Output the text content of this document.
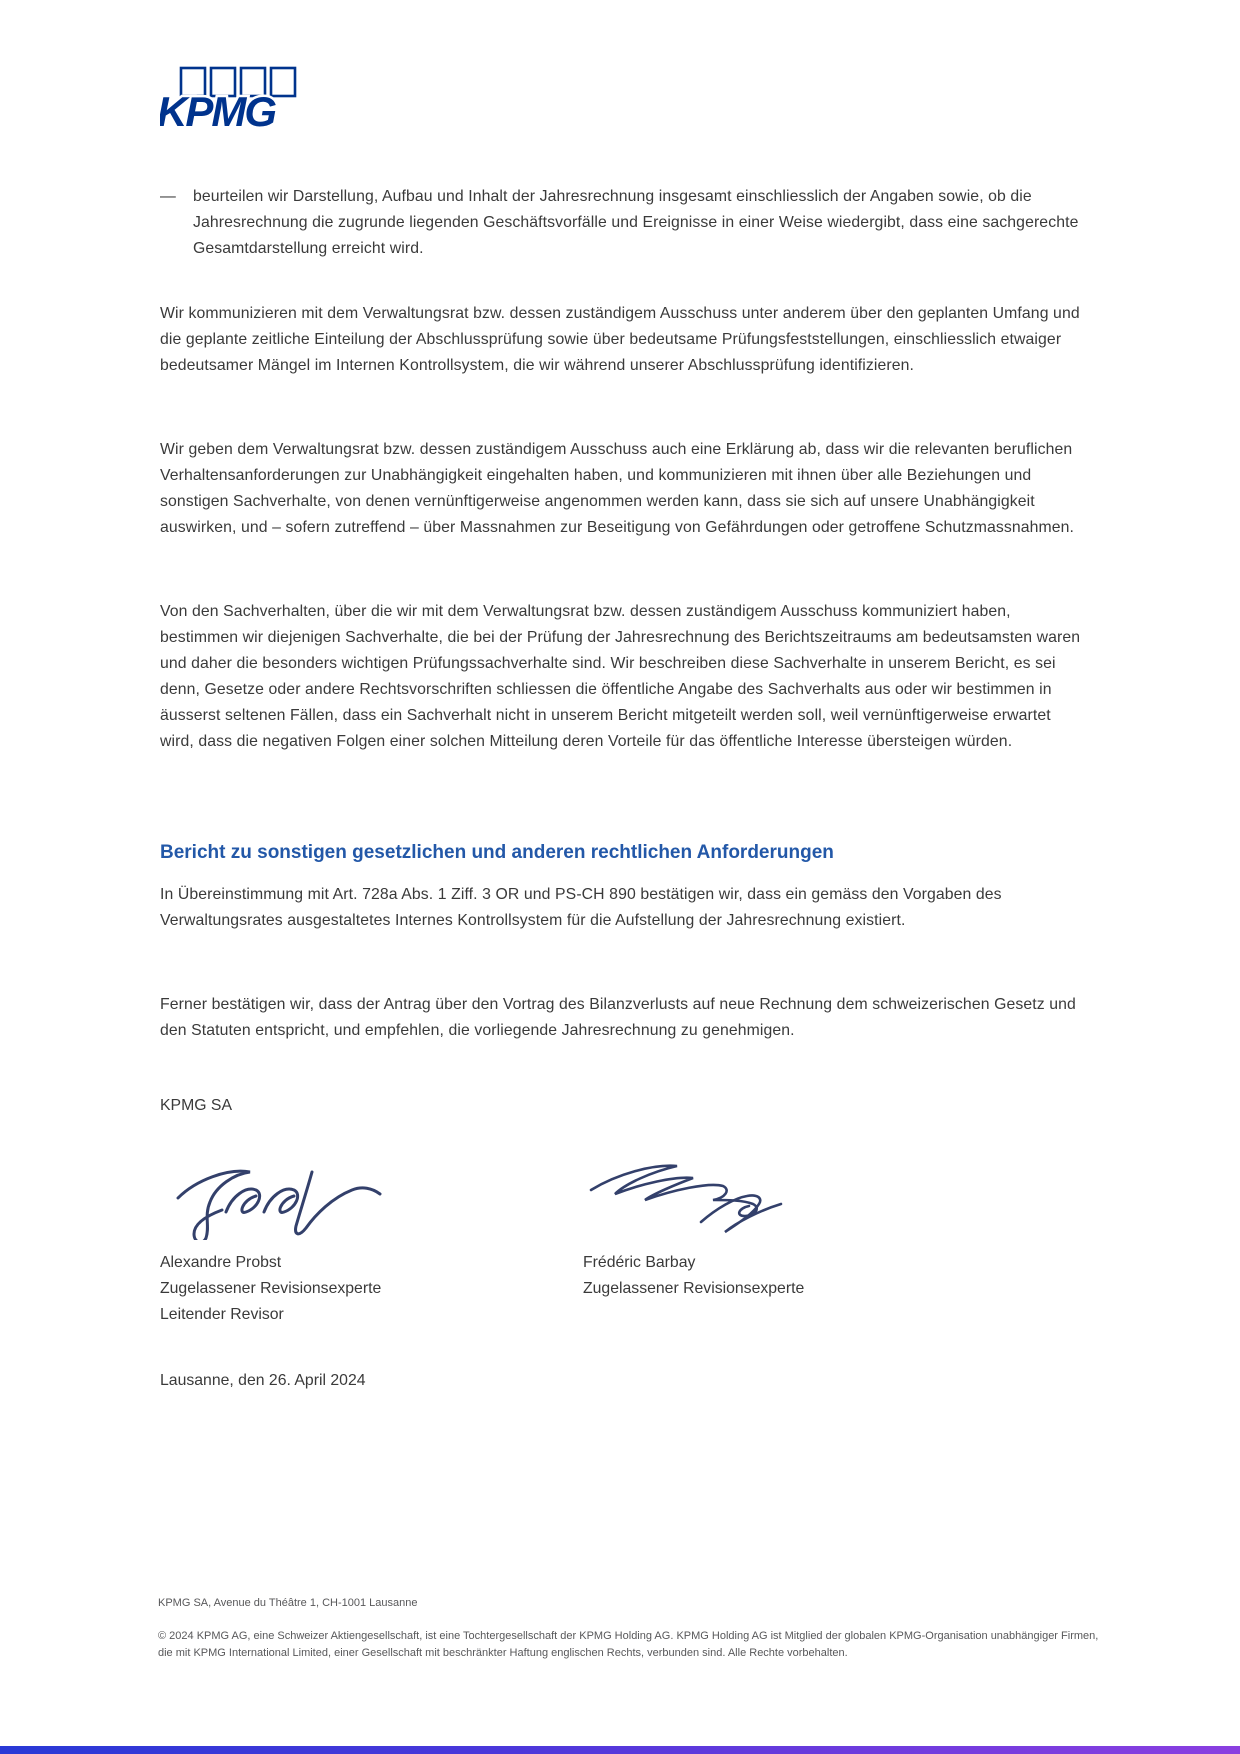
KPMG
— beurteilen wir Darstellung, Aufbau und Inhalt der Jahresrechnung insgesamt einschliesslich der Angaben sowie, ob die Jahresrechnung die zugrunde liegenden Geschäftsvorfälle und Ereignisse in einer Weise wiedergibt, dass eine sachgerechte Gesamtdarstellung erreicht wird.
Wir kommunizieren mit dem Verwaltungsrat bzw. dessen zuständigem Ausschuss unter anderem über den geplanten Umfang und die geplante zeitliche Einteilung der Abschlussprüfung sowie über bedeutsame Prüfungsfeststellungen, einschliesslich etwaiger bedeutsamer Mängel im Internen Kontrollsystem, die wir während unserer Abschlussprüfung identifizieren.
Wir geben dem Verwaltungsrat bzw. dessen zuständigem Ausschuss auch eine Erklärung ab, dass wir die relevanten beruflichen Verhaltensanforderungen zur Unabhängigkeit eingehalten haben, und kommunizieren mit ihnen über alle Beziehungen und sonstigen Sachverhalte, von denen vernünftigerweise angenommen werden kann, dass sie sich auf unsere Unabhängigkeit auswirken, und – sofern zutreffend – über Massnahmen zur Beseitigung von Gefährdungen oder getroffene Schutzmassnahmen.
Von den Sachverhalten, über die wir mit dem Verwaltungsrat bzw. dessen zuständigem Ausschuss kommuniziert haben, bestimmen wir diejenigen Sachverhalte, die bei der Prüfung der Jahresrechnung des Berichtszeitraums am bedeutsamsten waren und daher die besonders wichtigen Prüfungssachverhalte sind. Wir beschreiben diese Sachverhalte in unserem Bericht, es sei denn, Gesetze oder andere Rechtsvorschriften schliessen die öffentliche Angabe des Sachverhalts aus oder wir bestimmen in äusserst seltenen Fällen, dass ein Sachverhalt nicht in unserem Bericht mitgeteilt werden soll, weil vernünftigerweise erwartet wird, dass die negativen Folgen einer solchen Mitteilung deren Vorteile für das öffentliche Interesse übersteigen würden.
Bericht zu sonstigen gesetzlichen und anderen rechtlichen Anforderungen
In Übereinstimmung mit Art. 728a Abs. 1 Ziff. 3 OR und PS-CH 890 bestätigen wir, dass ein gemäss den Vorgaben des Verwaltungsrates ausgestaltetes Internes Kontrollsystem für die Aufstellung der Jahresrechnung existiert.
Ferner bestätigen wir, dass der Antrag über den Vortrag des Bilanzverlusts auf neue Rechnung dem schweizerischen Gesetz und den Statuten entspricht, und empfehlen, die vorliegende Jahresrechnung zu genehmigen.
KPMG SA
Alexandre Probst
Zugelassener Revisionsexperte
Leitender Revisor
Frédéric Barbay
Zugelassener Revisionsexperte
Lausanne, den 26. April 2024
KPMG SA, Avenue du Théâtre 1, CH-1001 Lausanne
© 2024 KPMG AG, eine Schweizer Aktiengesellschaft, ist eine Tochtergesellschaft der KPMG Holding AG. KPMG Holding AG ist Mitglied der globalen KPMG-Organisation unabhängiger Firmen, die mit KPMG International Limited, einer Gesellschaft mit beschränkter Haftung englischen Rechts, verbunden sind. Alle Rechte vorbehalten.
